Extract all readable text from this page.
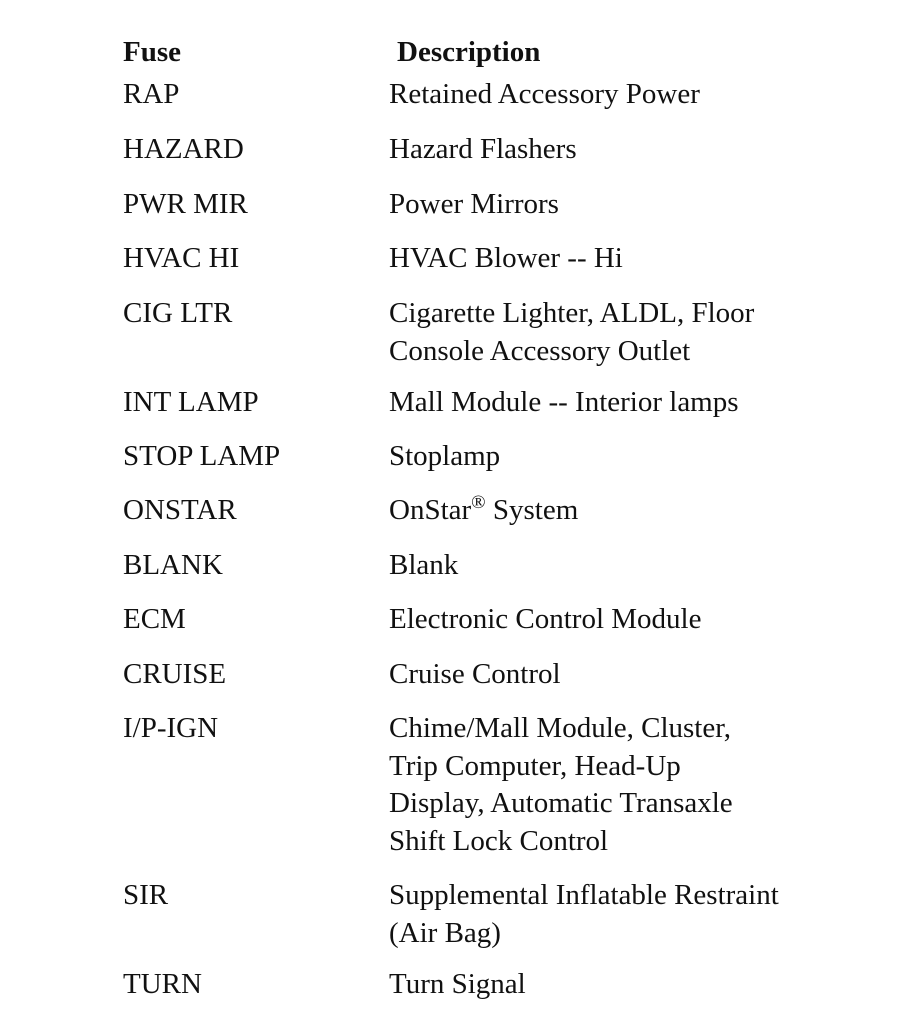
Fuse	Description
RAP	Retained Accessory Power
HAZARD	Hazard Flashers
PWR MIR	Power Mirrors
HVAC HI	HVAC Blower -- Hi
CIG LTR	Cigarette Lighter, ALDL, Floor
Console Accessory Outlet
INT LAMP	Mall Module -- Interior lamps
STOP LAMP	Stoplamp
ONSTAR	OnStar® System
BLANK	Blank
ECM	Electronic Control Module
CRUISE	Cruise Control
I/P-IGN	Chime/Mall Module, Cluster,
Trip Computer, Head-Up
Display, Automatic Transaxle
Shift Lock Control
SIR	Supplemental Inflatable Restraint
(Air Bag)
TURN	Turn Signal
